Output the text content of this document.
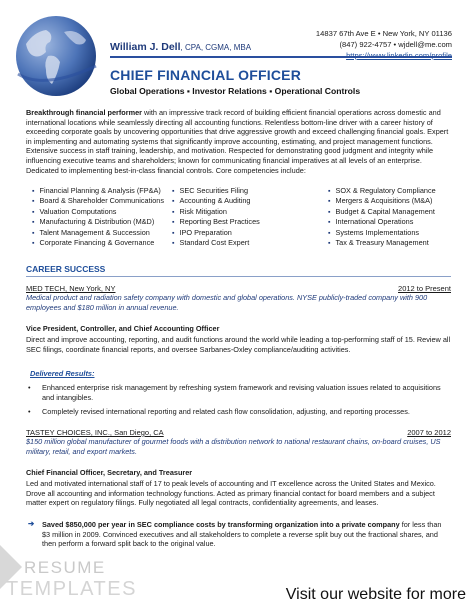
14837 67th Ave E • New York, NY 01136
(847) 922-4757 • wjdell@me.com
William J. Dell, CPA, CGMA, MBA
CHIEF FINANCIAL OFFICER
Global Operations ▪ Investor Relations ▪ Operational Controls
Breakthrough financial performer with an impressive track record of building efficient financial operations across domestic and international locations while seamlessly directing all accounting functions. Relentless bottom-line driver with a career history of exceeding corporate goals by uncovering opportunities that drive aggressive growth and exceed challenging financial goals. Expert in implementing and automating systems that significantly improve accounting, estimating, and project management functions. Extensive success in staff training, leadership, and motivation. Respected for demonstrating good judgment and integrity while influencing executive teams and shareholders; known for communicating financial imperatives at all levels of an enterprise. Dedicated to implementing best-in-class financial controls. Core competencies include:
▪ Financial Planning & Analysis (FP&A)
▪ Board & Shareholder Communications
▪ Valuation Computations
▪ Manufacturing & Distribution (M&D)
▪ Talent Management & Succession
▪ Corporate Financing & Governance
▪ SEC Securities Filing
▪ Accounting & Auditing
▪ Risk Mitigation
▪ Reporting Best Practices
▪ IPO Preparation
▪ Standard Cost Expert
▪ SOX & Regulatory Compliance
▪ Mergers & Acquisitions (M&A)
▪ Budget & Capital Management
▪ International Operations
▪ Systems Implementations
▪ Tax & Treasury Management
CAREER SUCCESS
MED TECH, New York, NY	2012 to Present
Medical product and radiation safety company with domestic and global operations. NYSE publicly-traded company with 900 employees and $180 million in annual revenue.
Vice President, Controller, and Chief Accounting Officer
Direct and improve accounting, reporting, and audit functions around the world while leading a top-performing staff of 15. Review all SEC filings, coordinate financial reports, and oversee Sarbanes-Oxley compliance/auditing activities.
Delivered Results:
• Enhanced enterprise risk management by refreshing system framework and revising valuation issues related to acquisitions and intangibles.
• Completely revised international reporting and related cash flow consolidation, adjusting, and reporting processes.
TASTEY CHOICES, INC., San Diego, CA	2007 to 2012
$150 million global manufacturer of gourmet foods with a distribution network to national restaurant chains, on-board cruises, US military, retail, and export markets.
Chief Financial Officer, Secretary, and Treasurer
Led and motivated international staff of 17 to peak levels of accounting and IT excellence across the United States and Mexico. Drove all accounting and information technology functions. Acted as primary financial contact for board members and a subject matter expert on regulatory filings. Fully negotiated all legal contracts, confidentiality agreements, and leases.
➔ Saved $850,000 per year in SEC compliance costs by transforming organization into a private company for less than $3 million in 2009. Convinced executives and all stakeholders to complete a reverse split buy out the fractional shares, and then perform a forward split back to the original value.
RESUME
TEMPLATES	Visit our website for more
